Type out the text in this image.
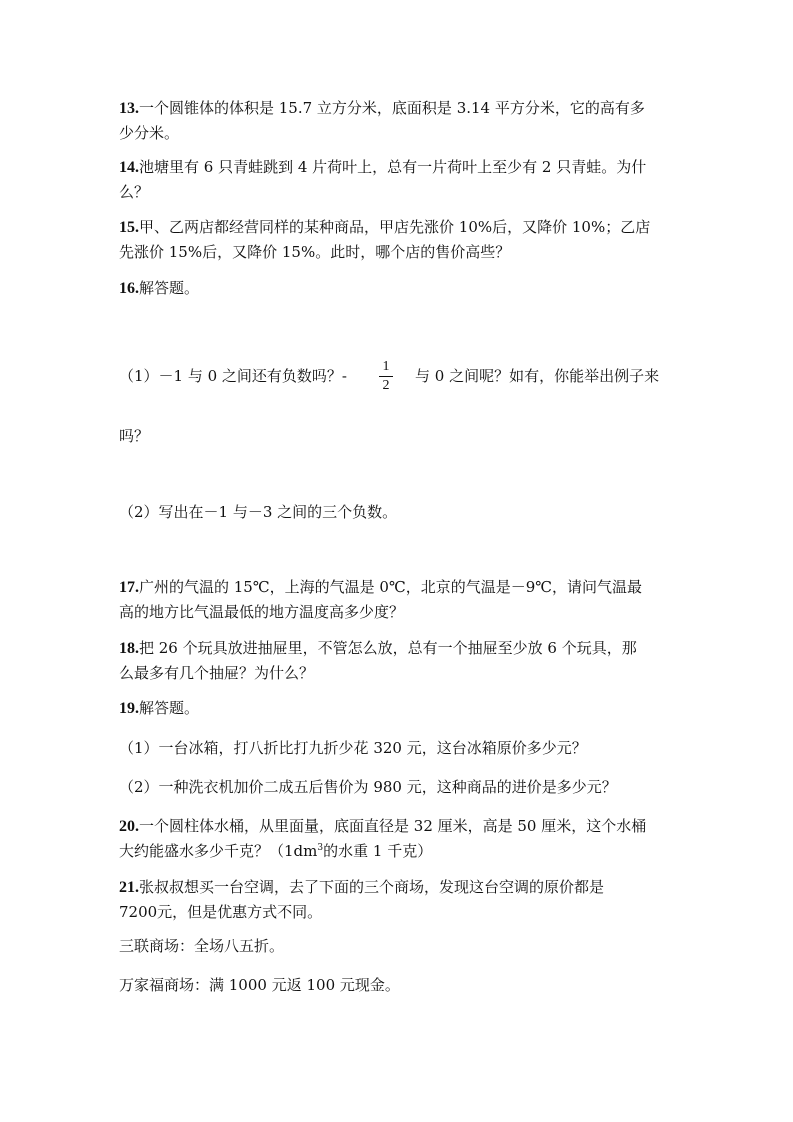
13.一个圆锥体的体积是 15.7 立方分米，底面积是 3.14 平方分米，它的高有多
少分米。
14.池塘里有 6 只青蛙跳到 4 片荷叶上，总有一片荷叶上至少有 2 只青蛙。为什
么？
15.甲、乙两店都经营同样的某种商品，甲店先涨价 10%后，又降价 10%；乙店
先涨价 15%后，又降价 15%。此时，哪个店的售价高些？
16.解答题。
（1）－1 与 0 之间还有负数吗？-
1
2
与 0 之间呢？如有，你能举出例子来
吗？
（2）写出在－1 与－3 之间的三个负数。
17.广州的气温的 15℃，上海的气温是 0℃，北京的气温是－9℃，请问气温最
高的地方比气温最低的地方温度高多少度？
18.把 26 个玩具放进抽屉里，不管怎么放，总有一个抽屉至少放 6 个玩具，那
么最多有几个抽屉？为什么？
19.解答题。
（1）一台冰箱，打八折比打九折少花 320 元，这台冰箱原价多少元？
（2）一种洗衣机加价二成五后售价为 980 元，这种商品的进价是多少元？
20.一个圆柱体水桶，从里面量，底面直径是 32 厘米，高是 50 厘米，这个水桶
大约能盛水多少千克？（$1dm^3$的水重 1 千克）
21.张叔叔想买一台空调，去了下面的三个商场，发现这台空调的原价都是
7200元，但是优惠方式不同。
三联商场：全场八五折。
万家福商场：满 1000 元返 100 元现金。
